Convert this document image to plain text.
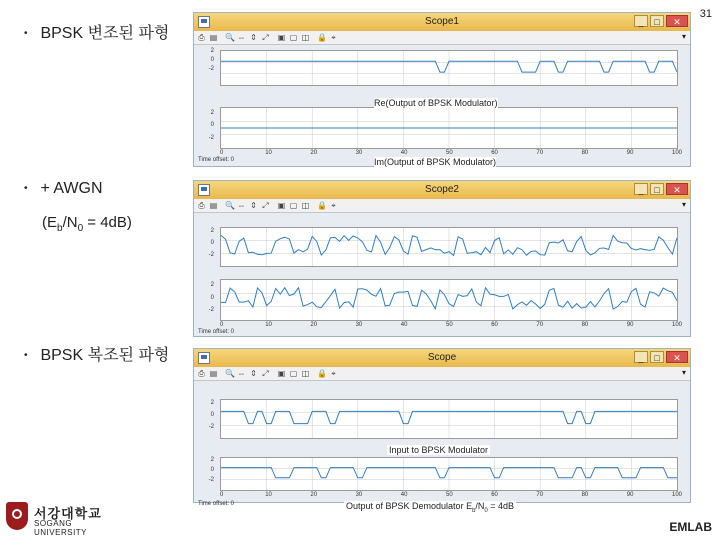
31
• BPSK 변조된 파형
• + AWGN
$(E_b/N_0 = 4dB)$
• BPSK 복조된 파형
Scope1	_	□	✕
⎙ ▤ 🔍 ⇔ ⇕ ⤢ ▣ ▢ ◫ 🔒 ⌖	▾
2
0
-2
2
0
-2
Time offset: 0
Re(Output of BPSK Modulator)
Im(Output of BPSK Modulator)
0	10	20	30	40	50	60	70	80	90	100
Scope2	_	□	✕
⎙ ▤ 🔍 ⇔ ⇕ ⤢ ▣ ▢ ◫ 🔒 ⌖	▾
2
0
-2
2
0
-2
Time offset: 0
0	10	20	30	40	50	60	70	80	90	100
Scope	_	□	✕
⎙ ▤ 🔍 ⇔ ⇕ ⤢ ▣ ▢ ◫ 🔒 ⌖	▾
2
0
-2
2
0
-2
Time offset: 0
Input to BPSK Modulator
Output of BPSK Demodulator $E_b/N_0 = 4dB$
0	10	20	30	40	50	60	70	80	90	100
서강대학교
SOGANG UNIVERSITY	EMLAB
